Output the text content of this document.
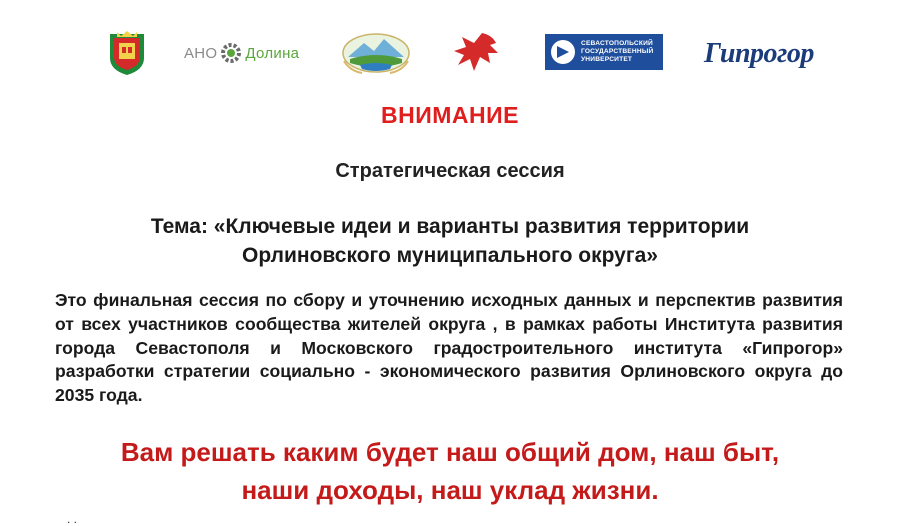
АНО Долина
СЕВАСТОПОЛЬСКИЙ
ГОСУДАРСТВЕННЫЙ
УНИВЕРСИТЕТ	Гипрогор
ВНИМАНИЕ
Стратегическая сессия
Тема: «Ключевые идеи и варианты развития территории
Орлиновского муниципального округа»
Это финальная сессия по сбору и уточнению исходных данных и перспектив развития от всех участников сообщества жителей округа , в рамках работы Института развития города Севастополя и Московского градостроительного института «Гипрогор» разработки стратегии социально - экономического развития Орлиновского округа до 2035 года.
Вам решать каким будет наш общий дом, наш быт,
наши доходы, наш уклад жизни.
. .
